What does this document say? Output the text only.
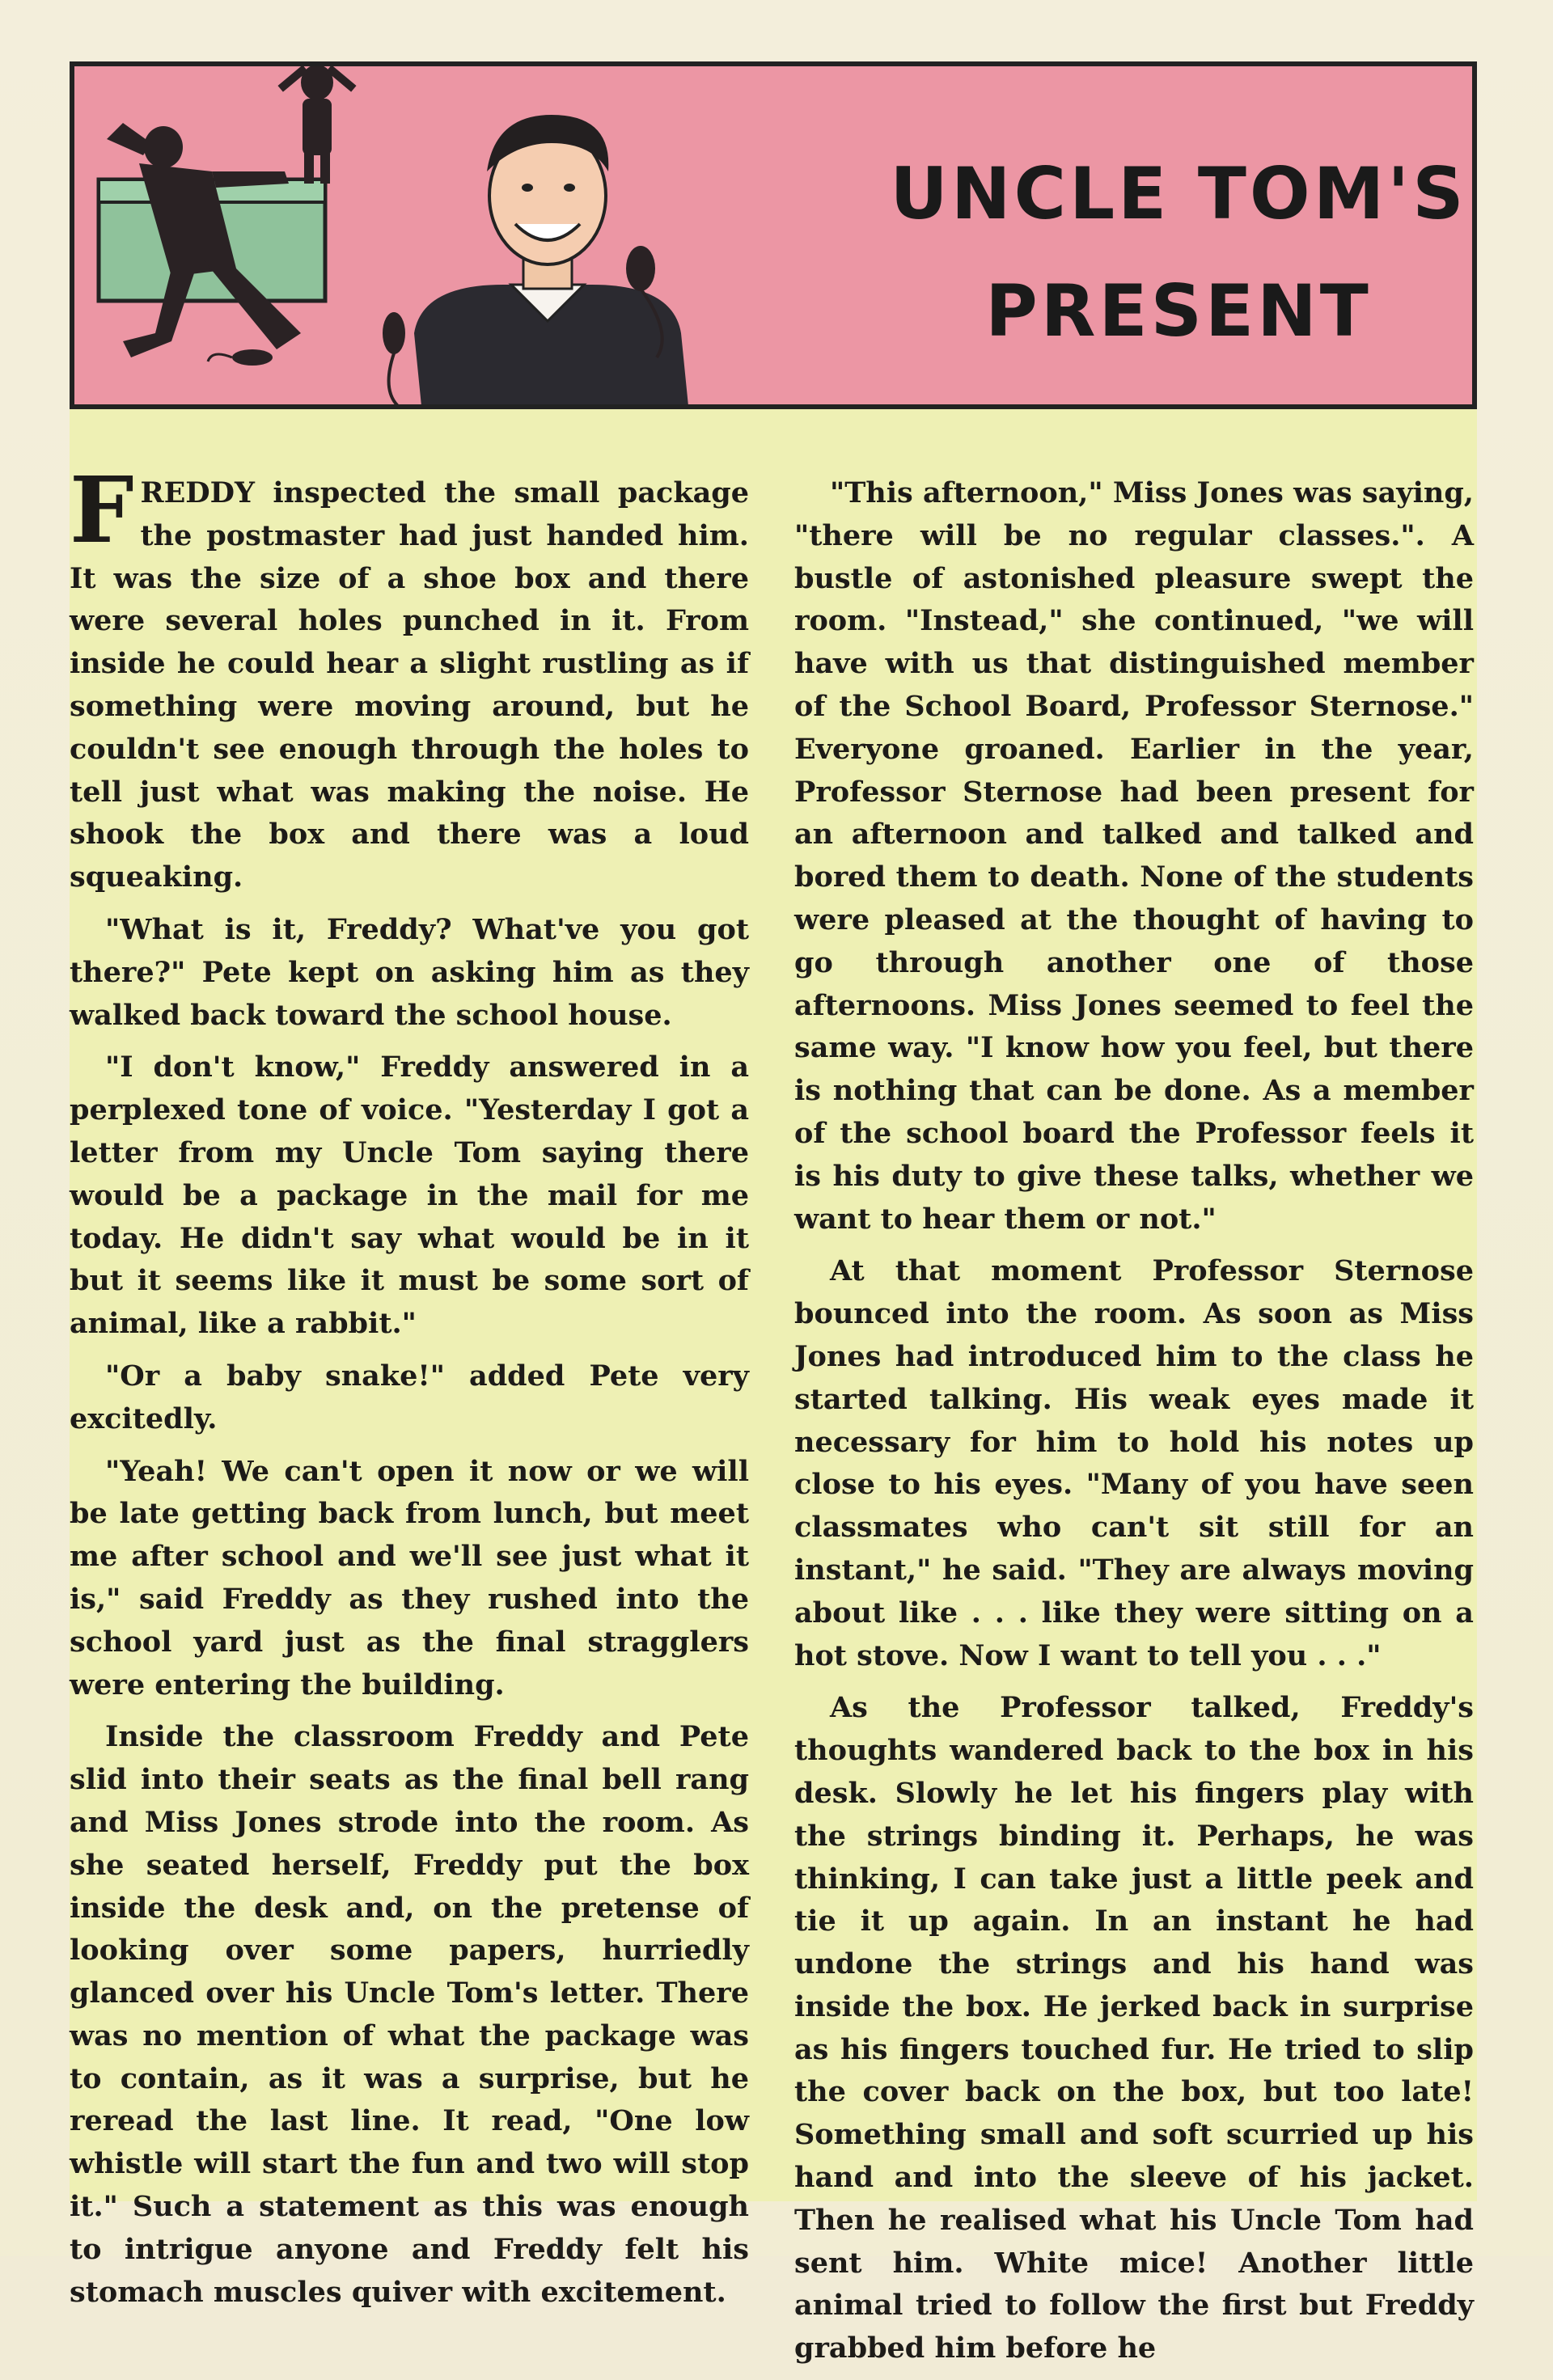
UNCLE TOM'S
PRESENT

FREDDY inspected the small package the postmaster had just handed him. It was the size of a shoe box and there were several holes punched in it. From inside he could hear a slight rustling as if something were moving around, but he couldn't see enough through the holes to tell just what was making the noise. He shook the box and there was a loud squeaking.

"What is it, Freddy? What've you got there?" Pete kept on asking him as they walked back toward the school house.

"I don't know," Freddy answered in a perplexed tone of voice. "Yesterday I got a letter from my Uncle Tom saying there would be a package in the mail for me today. He didn't say what would be in it but it seems like it must be some sort of animal, like a rabbit."

"Or a baby snake!" added Pete very excitedly.

"Yeah! We can't open it now or we will be late getting back from lunch, but meet me after school and we'll see just what it is," said Freddy as they rushed into the school yard just as the final stragglers were entering the building.

Inside the classroom Freddy and Pete slid into their seats as the final bell rang and Miss Jones strode into the room. As she seated herself, Freddy put the box inside the desk and, on the pretense of looking over some papers, hurriedly glanced over his Uncle Tom's letter. There was no mention of what the package was to contain, as it was a surprise, but he reread the last line. It read, "One low whistle will start the fun and two will stop it." Such a statement as this was enough to intrigue anyone and Freddy felt his stomach muscles quiver with excitement.

"This afternoon," Miss Jones was saying, "there will be no regular classes.". A bustle of astonished pleasure swept the room. "Instead," she continued, "we will have with us that distinguished member of the School Board, Professor Sternose." Everyone groaned. Earlier in the year, Professor Sternose had been present for an afternoon and talked and talked and bored them to death. None of the students were pleased at the thought of having to go through another one of those afternoons. Miss Jones seemed to feel the same way. "I know how you feel, but there is nothing that can be done. As a member of the school board the Professor feels it is his duty to give these talks, whether we want to hear them or not."

At that moment Professor Sternose bounced into the room. As soon as Miss Jones had introduced him to the class he started talking. His weak eyes made it necessary for him to hold his notes up close to his eyes. "Many of you have seen classmates who can't sit still for an instant," he said. "They are always moving about like . . . like they were sitting on a hot stove. Now I want to tell you . . ."

As the Professor talked, Freddy's thoughts wandered back to the box in his desk. Slowly he let his fingers play with the strings binding it. Perhaps, he was thinking, I can take just a little peek and tie it up again. In an instant he had undone the strings and his hand was inside the box. He jerked back in surprise as his fingers touched fur. He tried to slip the cover back on the box, but too late! Something small and soft scurried up his hand and into the sleeve of his jacket. Then he realised what his Uncle Tom had sent him. White mice! Another little animal tried to follow the first but Freddy grabbed him before he
